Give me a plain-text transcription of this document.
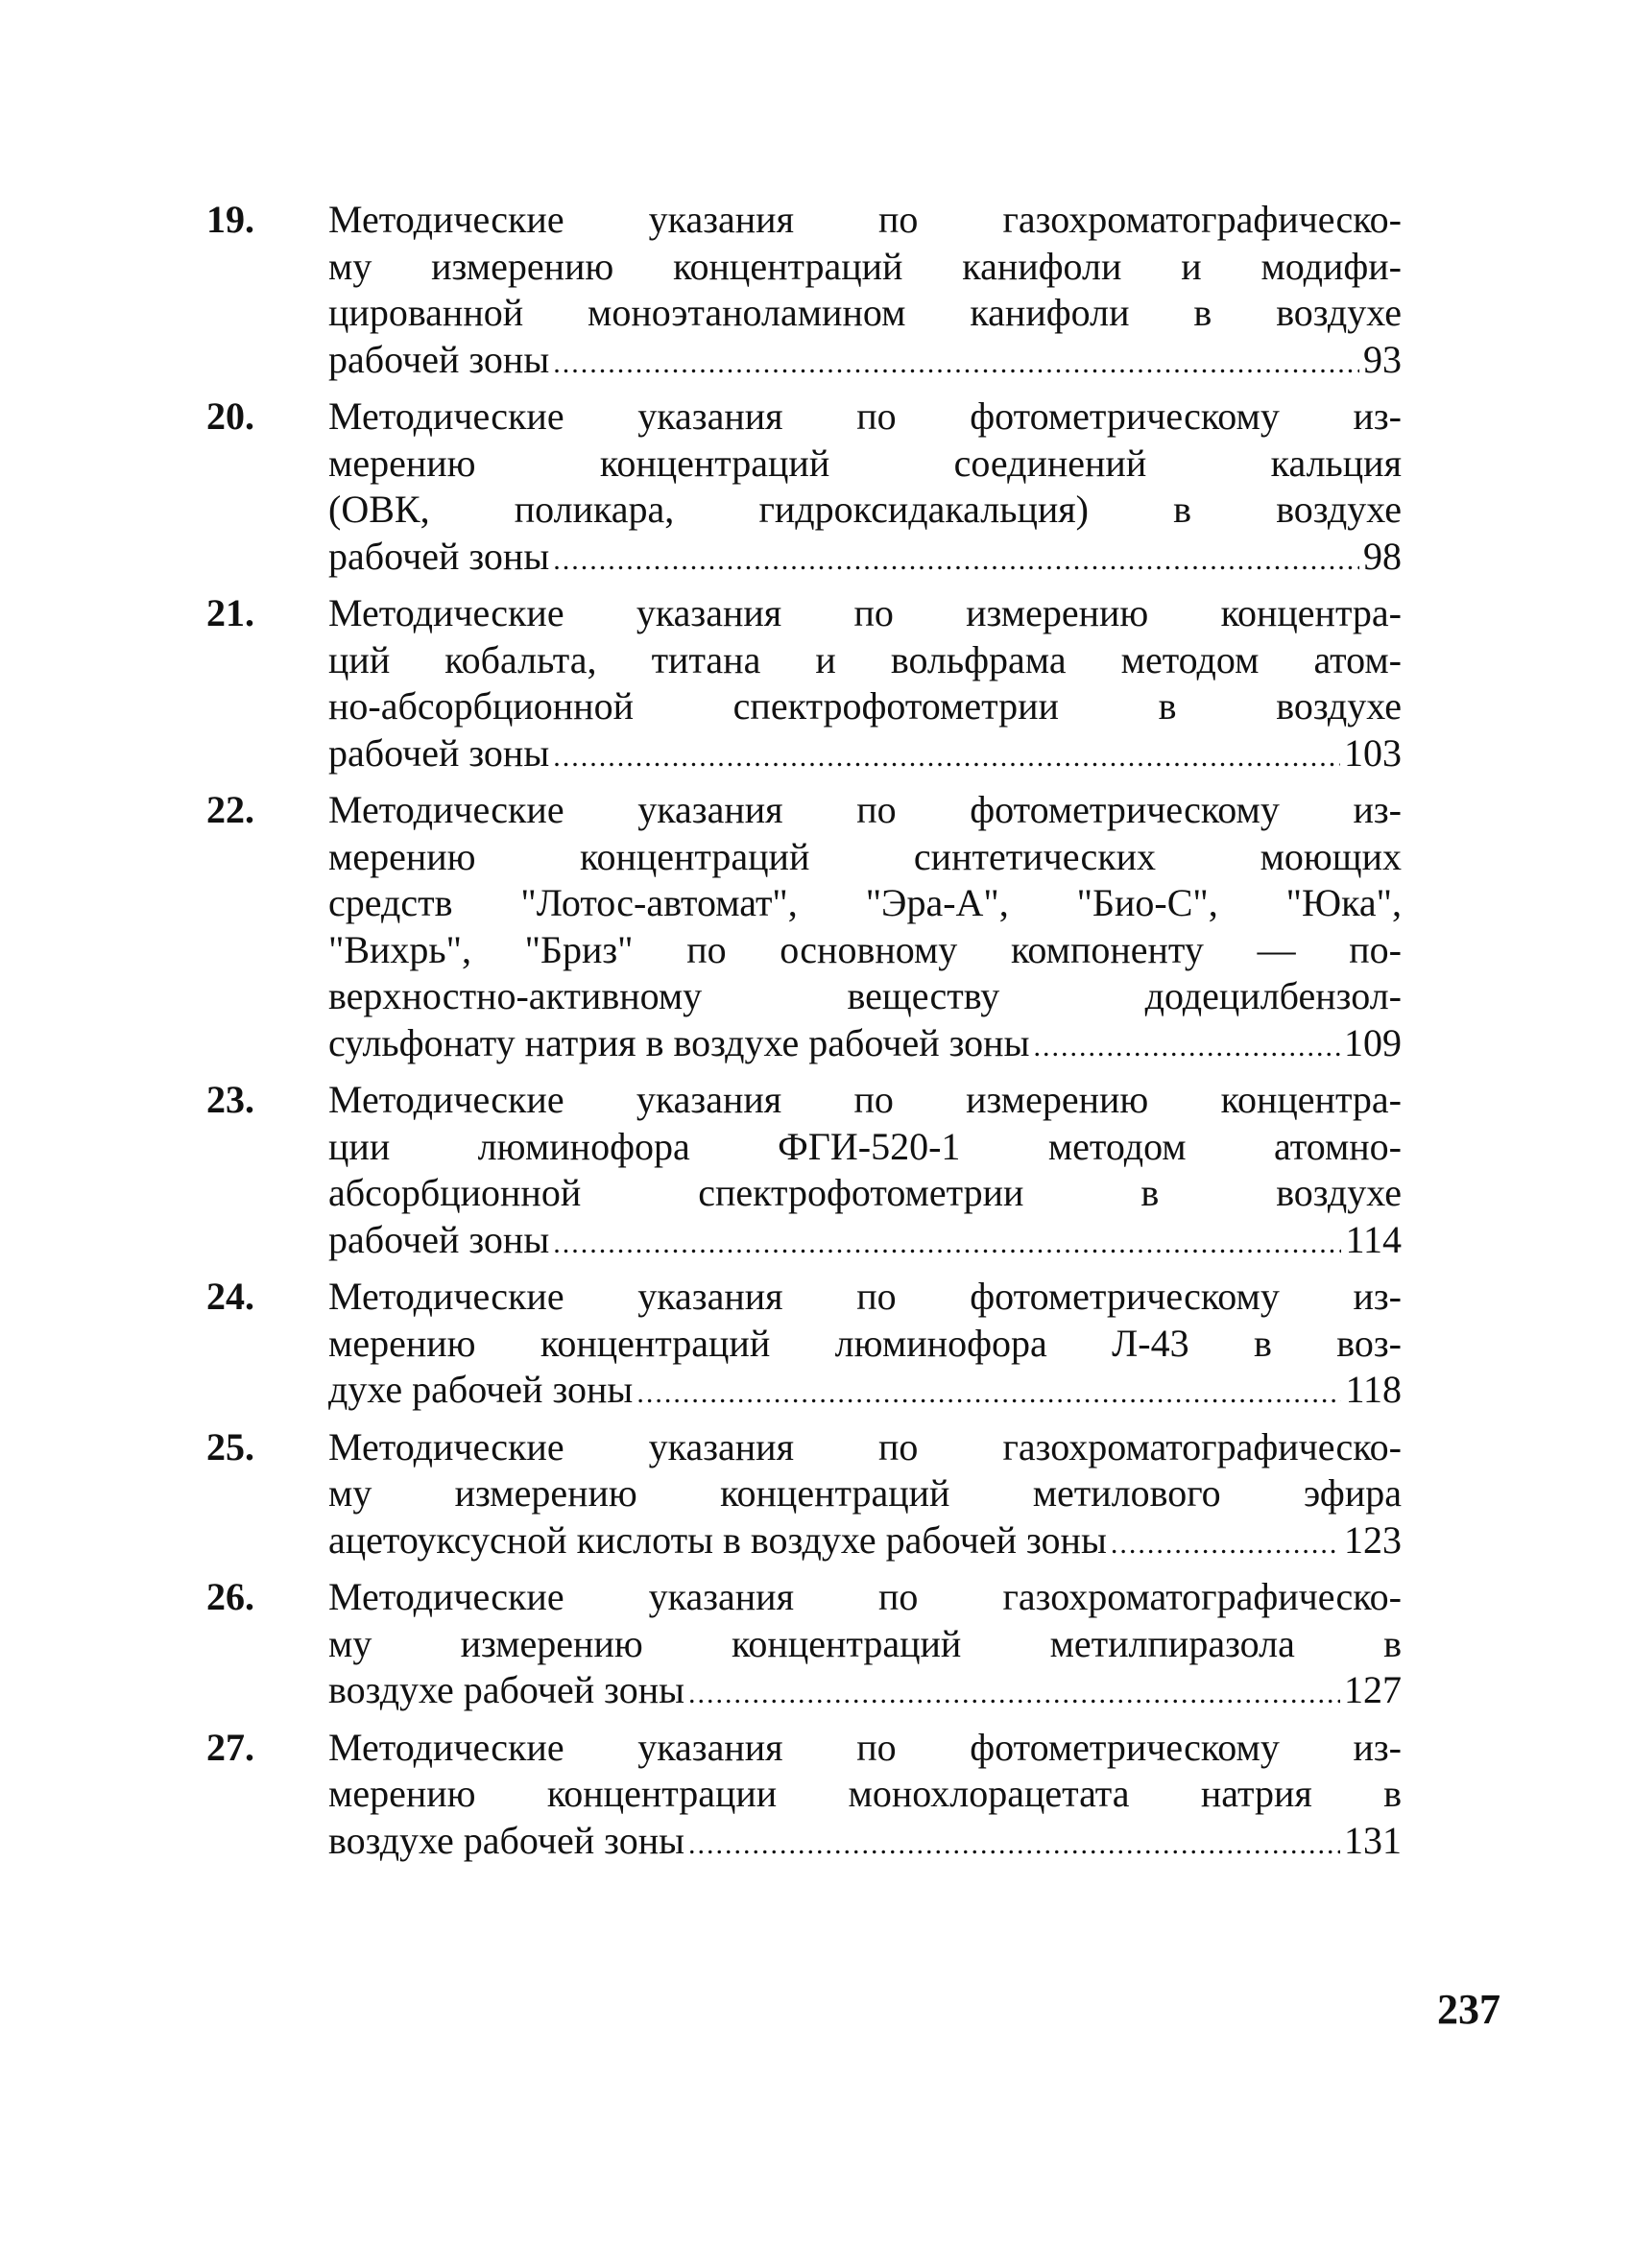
19. Методические указания по газохроматографическо-
му измерению концентраций канифоли и модифи-
цированной моноэтаноламином канифоли в воздухе
рабочей зоны .....	93
20. Методические указания по фотометрическому из-
мерению концентраций соединений кальция
(ОВК, поликара, гидроксидакальция) в воздухе
рабочей зоны .....	98
21. Методические указания по измерению концентра-
ций кобальта, титана и вольфрама методом атом-
но-абсорбционной спектрофотометрии в воздухе
рабочей зоны .....	103
22. Методические указания по фотометрическому из-
мерению концентраций синтетических моющих
средств "Лотос-автомат", "Эра-А", "Био-С", "Юка",
"Вихрь", "Бриз" по основному компоненту — по-
верхностно-активному веществу додецилбензол-
сульфонату натрия в воздухе рабочей зоны .....	109
23. Методические указания по измерению концентра-
ции люминофора ФГИ-520-1 методом атомно-
абсорбционной спектрофотометрии в воздухе
рабочей зоны .....	114
24. Методические указания по фотометрическому из-
мерению концентраций люминофора Л-43 в воз-
духе рабочей зоны .....	118
25. Методические указания по газохроматографическо-
му измерению концентраций метилового эфира
ацетоуксусной кислоты в воздухе рабочей зоны .....	123
26. Методические указания по газохроматографическо-
му измерению концентраций метилпиразола в
воздухе рабочей зоны .....	127
27. Методические указания по фотометрическому из-
мерению концентрации монохлорацетата натрия в
воздухе рабочей зоны .....	131
237
